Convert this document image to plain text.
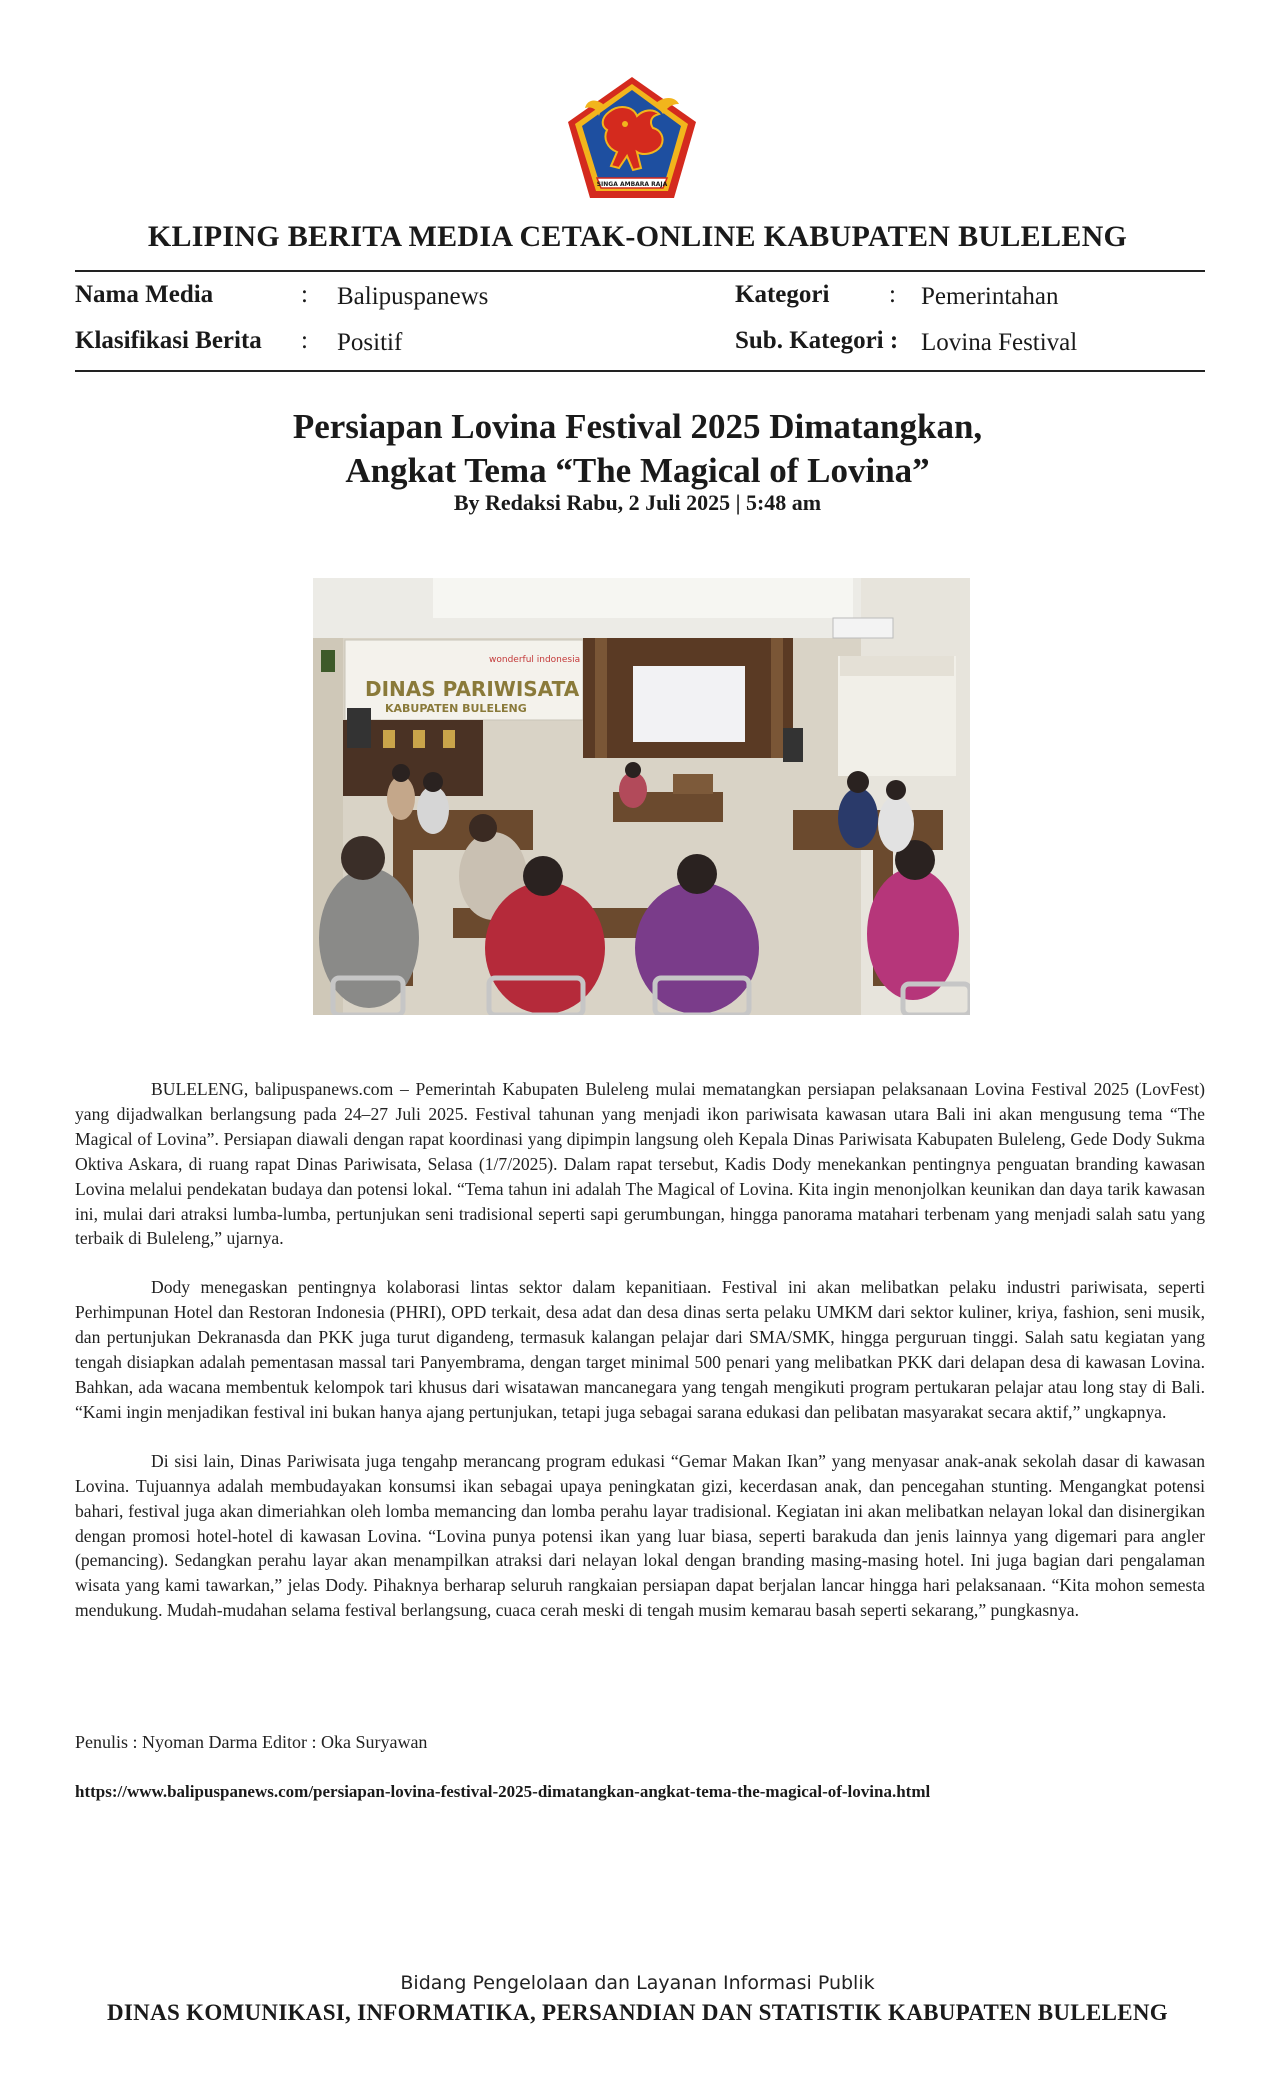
SINGA AMBARA RAJA
KLIPING BERITA MEDIA CETAK-ONLINE KABUPATEN BULELENG
Nama Media	: Balipuspanews	Kategori : Pemerintahan
Klasifikasi Berita : Positif	Sub. Kategori : Lovina Festival
Persiapan Lovina Festival 2025 Dimatangkan,
Angkat Tema “The Magical of Lovina”
By Redaksi Rabu, 2 Juli 2025 | 5:48 am
DINAS PARIWISATA
KABUPATEN BULELENG
wonderful indonesia

BULELENG, balipuspanews.com – Pemerintah Kabupaten Buleleng mulai mematangkan persiapan pelaksanaan Lovina Festival 2025 (LovFest) yang dijadwalkan berlangsung pada 24–27 Juli 2025. Festival tahunan yang menjadi ikon pariwisata kawasan utara Bali ini akan mengusung tema “The Magical of Lovina”. Persiapan diawali dengan rapat koordinasi yang dipimpin langsung oleh Kepala Dinas Pariwisata Kabupaten Buleleng, Gede Dody Sukma Oktiva Askara, di ruang rapat Dinas Pariwisata, Selasa (1/7/2025). Dalam rapat tersebut, Kadis Dody menekankan pentingnya penguatan branding kawasan Lovina melalui pendekatan budaya dan potensi lokal. “Tema tahun ini adalah The Magical of Lovina. Kita ingin menonjolkan keunikan dan daya tarik kawasan ini, mulai dari atraksi lumba-lumba, pertunjukan seni tradisional seperti sapi gerumbungan, hingga panorama matahari terbenam yang menjadi salah satu yang terbaik di Buleleng,” ujarnya.

Dody menegaskan pentingnya kolaborasi lintas sektor dalam kepanitiaan. Festival ini akan melibatkan pelaku industri pariwisata, seperti Perhimpunan Hotel dan Restoran Indonesia (PHRI), OPD terkait, desa adat dan desa dinas serta pelaku UMKM dari sektor kuliner, kriya, fashion, seni musik, dan pertunjukan Dekranasda dan PKK juga turut digandeng, termasuk kalangan pelajar dari SMA/SMK, hingga perguruan tinggi. Salah satu kegiatan yang tengah disiapkan adalah pementasan massal tari Panyembrama, dengan target minimal 500 penari yang melibatkan PKK dari delapan desa di kawasan Lovina. Bahkan, ada wacana membentuk kelompok tari khusus dari wisatawan mancanegara yang tengah mengikuti program pertukaran pelajar atau long stay di Bali. “Kami ingin menjadikan festival ini bukan hanya ajang pertunjukan, tetapi juga sebagai sarana edukasi dan pelibatan masyarakat secara aktif,” ungkapnya.

Di sisi lain, Dinas Pariwisata juga tengahp merancang program edukasi “Gemar Makan Ikan” yang menyasar anak-anak sekolah dasar di kawasan Lovina. Tujuannya adalah membudayakan konsumsi ikan sebagai upaya peningkatan gizi, kecerdasan anak, dan pencegahan stunting. Mengangkat potensi bahari, festival juga akan dimeriahkan oleh lomba memancing dan lomba perahu layar tradisional. Kegiatan ini akan melibatkan nelayan lokal dan disinergikan dengan promosi hotel-hotel di kawasan Lovina. “Lovina punya potensi ikan yang luar biasa, seperti barakuda dan jenis lainnya yang digemari para angler (pemancing). Sedangkan perahu layar akan menampilkan atraksi dari nelayan lokal dengan branding masing-masing hotel. Ini juga bagian dari pengalaman wisata yang kami tawarkan,” jelas Dody. Pihaknya berharap seluruh rangkaian persiapan dapat berjalan lancar hingga hari pelaksanaan. “Kita mohon semesta mendukung. Mudah-mudahan selama festival berlangsung, cuaca cerah meski di tengah musim kemarau basah seperti sekarang,” pungkasnya.

Penulis : Nyoman Darma Editor : Oka Suryawan
https://www.balipuspanews.com/persiapan-lovina-festival-2025-dimatangkan-angkat-tema-the-magical-of-lovina.html
Bidang Pengelolaan dan Layanan Informasi Publik
DINAS KOMUNIKASI, INFORMATIKA, PERSANDIAN DAN STATISTIK KABUPATEN BULELENG
